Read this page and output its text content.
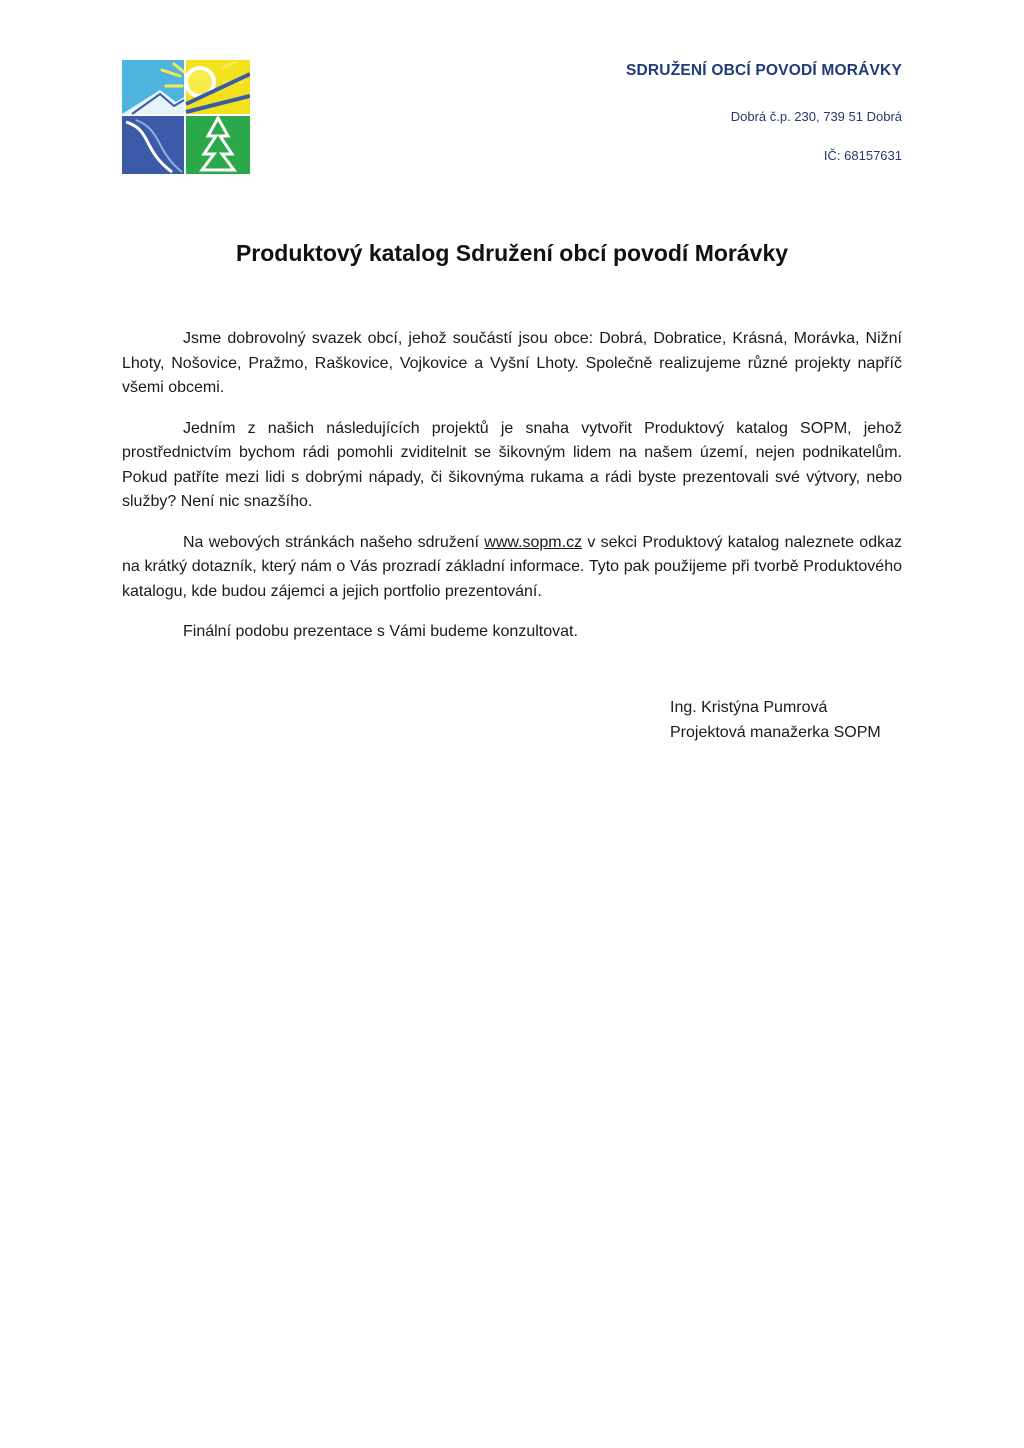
SDRUŽENÍ OBCÍ POVODÍ MORÁVKY
Dobrá č.p. 230, 739 51 Dobrá
IČ: 68157631
Produktový katalog Sdružení obcí povodí Morávky

Jsme dobrovolný svazek obcí, jehož součástí jsou obce: Dobrá, Dobratice, Krásná, Morávka, Nižní Lhoty, Nošovice, Pražmo, Raškovice, Vojkovice a Vyšní Lhoty. Společně realizujeme různé projekty napříč všemi obcemi.

Jedním z našich následujících projektů je snaha vytvořit Produktový katalog SOPM, jehož prostřednictvím bychom rádi pomohli zviditelnit se šikovným lidem na našem území, nejen podnikatelům. Pokud patříte mezi lidi s dobrými nápady, či šikovnýma rukama a rádi byste prezentovali své výtvory, nebo služby? Není nic snazšího.

Na webových stránkách našeho sdružení www.sopm.cz v sekci Produktový katalog naleznete odkaz na krátký dotazník, který nám o Vás prozradí základní informace. Tyto pak použijeme při tvorbě Produktového katalogu, kde budou zájemci a jejich portfolio prezentování.

Finální podobu prezentace s Vámi budeme konzultovat.

Ing. Kristýna Pumrová
Projektová manažerka SOPM
